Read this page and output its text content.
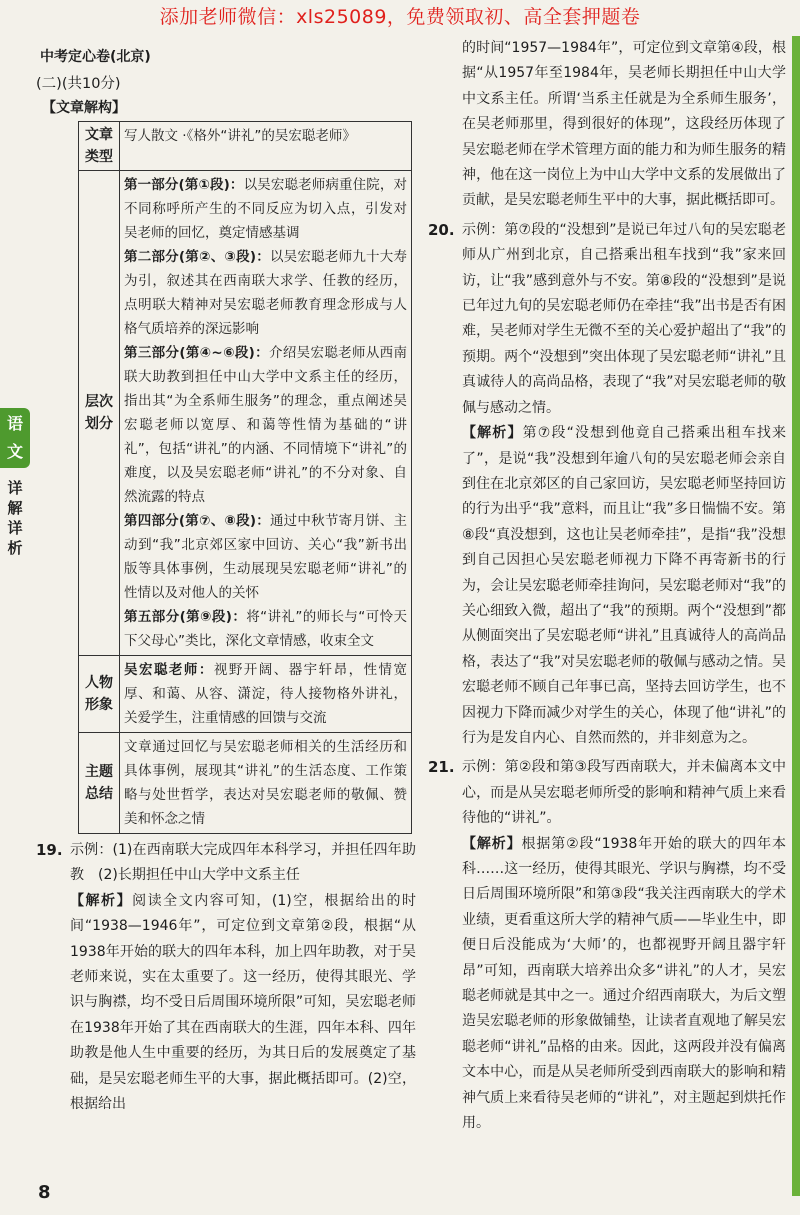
添加老师微信：xls25089，免费领取初、高全套押题卷
语
文
详解详析
中考定心卷(北京)
(二)(共10分)
【文章解构】
文章类型	写人散文 ·《格外“讲礼”的吴宏聪老师》

层次划分	第一部分(第①段)：以吴宏聪老师病重住院，对不同称呼所产生的不同反应为切入点，引发对吴老师的回忆，奠定情感基调

第二部分(第②、③段)：以吴宏聪老师九十大寿为引，叙述其在西南联大求学、任教的经历，点明联大精神对吴宏聪老师教育理念形成与人格气质培养的深远影响

第三部分(第④~⑥段)：介绍吴宏聪老师从西南联大助教到担任中山大学中文系主任的经历，指出其“为全系师生服务”的理念，重点阐述吴宏聪老师以宽厚、和蔼等性情为基础的“讲礼”，包括“讲礼”的内涵、不同情境下“讲礼”的难度，以及吴宏聪老师“讲礼”的不分对象、自然流露的特点

第四部分(第⑦、⑧段)：通过中秋节寄月饼、主动到“我”北京郊区家中回访、关心“我”新书出版等具体事例，生动展现吴宏聪老师“讲礼”的性情以及对他人的关怀

第五部分(第⑨段)：将“讲礼”的师长与“可怜天下父母心”类比，深化文章情感，收束全文

人物形象	吴宏聪老师：视野开阔、器宇轩昂，性情宽厚、和蔼、从容、潇淀，待人接物格外讲礼，关爱学生，注重情感的回馈与交流

主题总结	文章通过回忆与吴宏聪老师相关的生活经历和具体事例，展现其“讲礼”的生活态度、工作策略与处世哲学，表达对吴宏聪老师的敬佩、赞美和怀念之情

19. 示例：(1)在西南联大完成四年本科学习，并担任四年助教　(2)长期担任中山大学中文系主任

【解析】阅读全文内容可知，(1)空，根据给出的时间“1938—1946年”，可定位到文章第②段，根据“从1938年开始的联大的四年本科，加上四年助教，对于吴老师来说，实在太重要了。这一经历，使得其眼光、学识与胸襟，均不受日后周围环境所限”可知，吴宏聪老师在1938年开始了其在西南联大的生涯，四年本科、四年助教是他人生中重要的经历，为其日后的发展奠定了基础，是吴宏聪老师生平的大事，据此概括即可。(2)空，根据给出

的时间“1957—1984年”，可定位到文章第④段，根据“从1957年至1984年，吴老师长期担任中山大学中文系主任。所谓‘当系主任就是为全系师生服务’，在吴老师那里，得到很好的体现”，这段经历体现了吴宏聪老师在学术管理方面的能力和为师生服务的精神，他在这一岗位上为中山大学中文系的发展做出了贡献，是吴宏聪老师生平中的大事，据此概括即可。

20. 示例：第⑦段的“没想到”是说已年过八旬的吴宏聪老师从广州到北京，自己搭乘出租车找到“我”家来回访，让“我”感到意外与不安。第⑧段的“没想到”是说已年过九旬的吴宏聪老师仍在牵挂“我”出书是否有困难，吴老师对学生无微不至的关心爱护超出了“我”的预期。两个“没想到”突出体现了吴宏聪老师“讲礼”且真诚待人的高尚品格，表现了“我”对吴宏聪老师的敬佩与感动之情。

【解析】第⑦段“没想到他竟自己搭乘出租车找来了”，是说“我”没想到年逾八旬的吴宏聪老师会亲自到住在北京郊区的自己家回访，吴宏聪老师坚持回访的行为出乎“我”意料，而且让“我”多日惴惴不安。第⑧段“真没想到，这也让吴老师牵挂”，是指“我”没想到自己因担心吴宏聪老师视力下降不再寄新书的行为，会让吴宏聪老师牵挂询问，吴宏聪老师对“我”的关心细致入微，超出了“我”的预期。两个“没想到”都从侧面突出了吴宏聪老师“讲礼”且真诚待人的高尚品格，表达了“我”对吴宏聪老师的敬佩与感动之情。吴宏聪老师不顾自己年事已高，坚持去回访学生，也不因视力下降而减少对学生的关心，体现了他“讲礼”的行为是发自内心、自然而然的，并非刻意为之。

21. 示例：第②段和第③段写西南联大，并未偏离本文中心，而是从吴宏聪老师所受的影响和精神气质上来看待他的“讲礼”。

【解析】根据第②段“1938年开始的联大的四年本科……这一经历，使得其眼光、学识与胸襟，均不受日后周围环境所限”和第③段“我关注西南联大的学术业绩，更看重这所大学的精神气质——毕业生中，即便日后没能成为‘大师’的，也都视野开阔且器宇轩昂”可知，西南联大培养出众多“讲礼”的人才，吴宏聪老师就是其中之一。通过介绍西南联大，为后文塑造吴宏聪老师的形象做铺垫，让读者直观地了解吴宏聪老师“讲礼”品格的由来。因此，这两段并没有偏离文本中心，而是从吴老师所受到西南联大的影响和精神气质上来看待吴老师的“讲礼”，对主题起到烘托作用。

8
